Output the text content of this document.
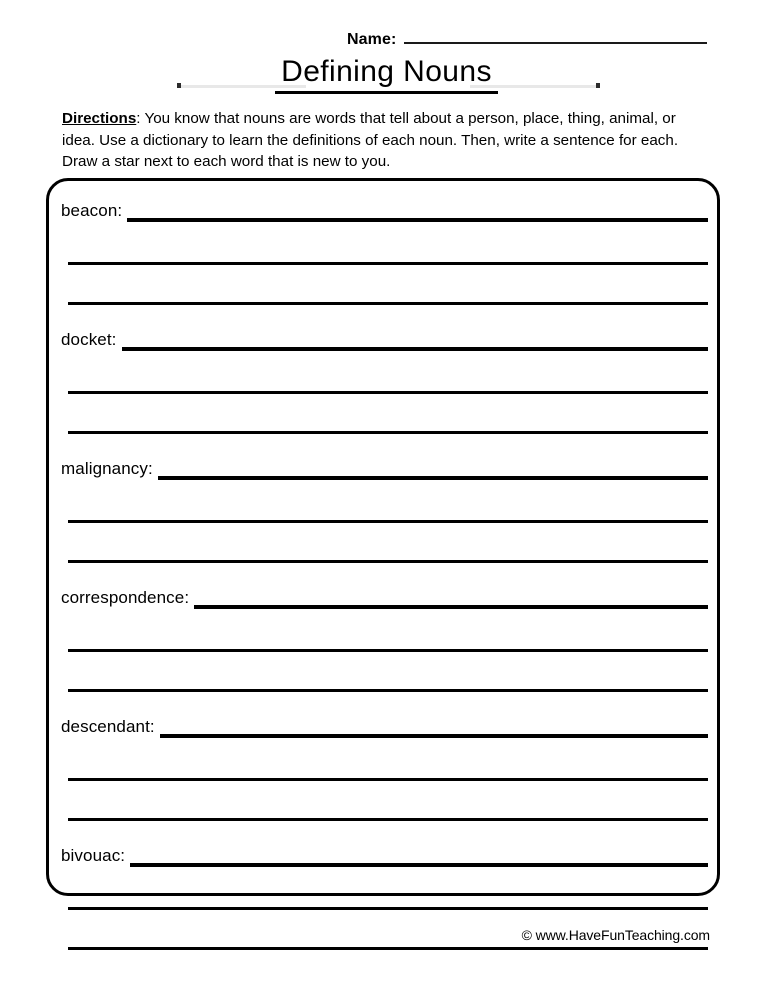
Name:
Defining Nouns
Directions: You know that nouns are words that tell about a person, place, thing, animal, or idea. Use a dictionary to learn the definitions of each noun. Then, write a sentence for each. Draw a star next to each word that is new to you.
beacon:
docket:
malignancy:
correspondence:
descendant:
bivouac:
© www.HaveFunTeaching.com
